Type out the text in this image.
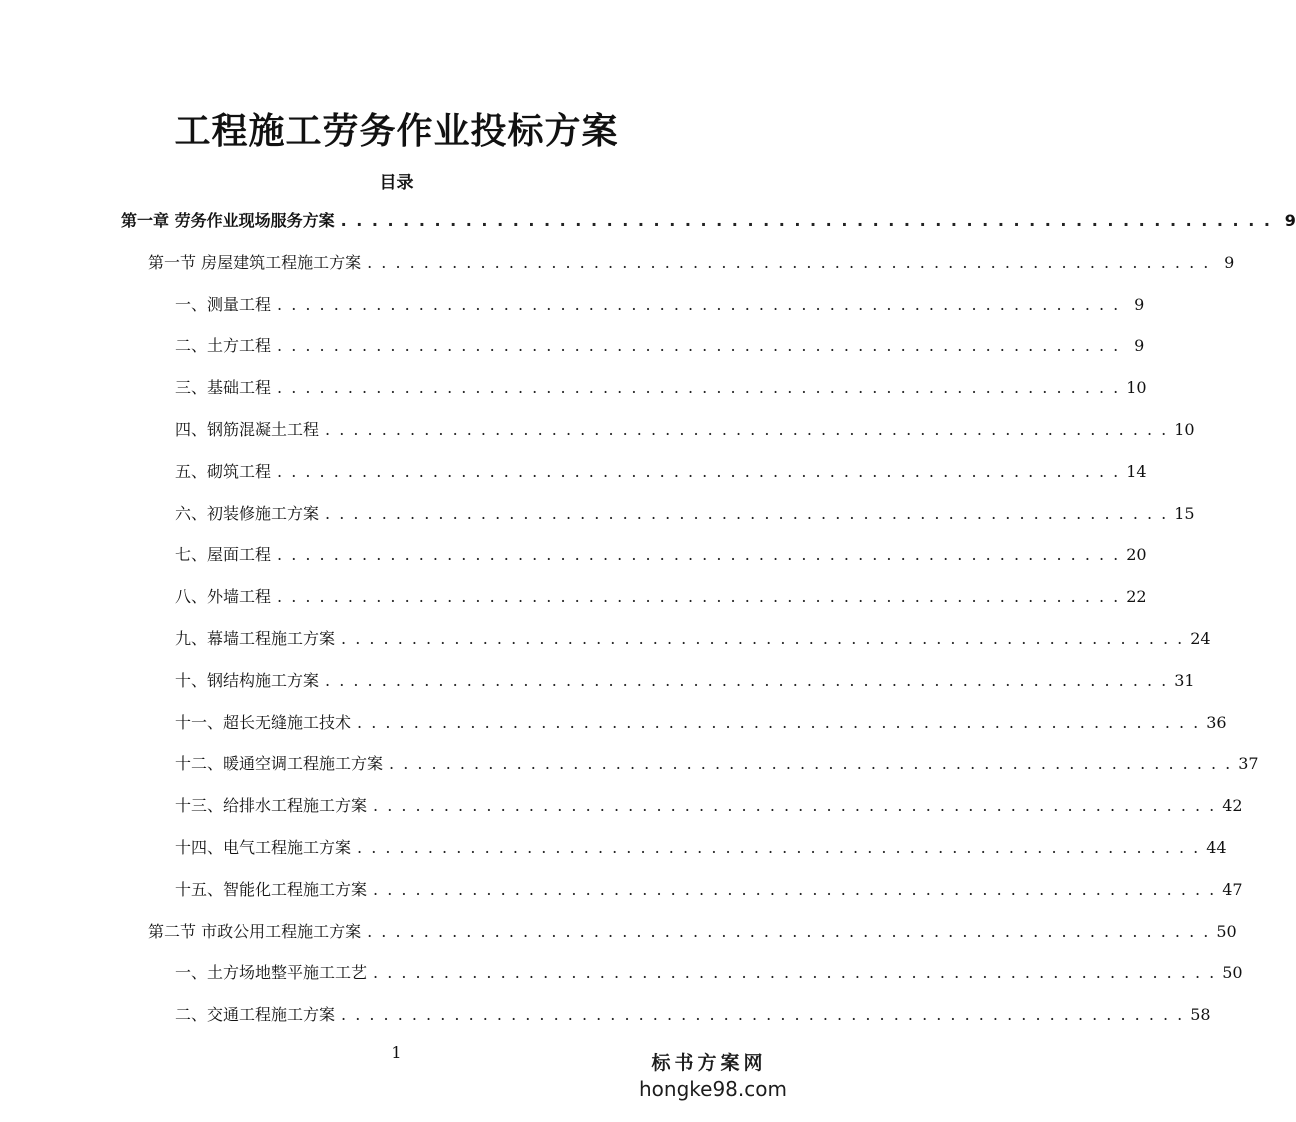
工程施工劳务作业投标方案
目录
第一章 劳务作业现场服务方案 . . . . . . . . . . . . . . . . . . . . . . . . . . . . . . . . . . . . . . . . . . . . . . . . . . . . . . . . . . . . 9
第一节 房屋建筑工程施工方案 . . . . . . . . . . . . . . . . . . . . . . . . . . . . . . . . . . . . . . . . . . . . . . . . . . . . . . . . . . . . 9
一、测量工程 . . . . . . . . . . . . . . . . . . . . . . . . . . . . . . . . . . . . . . . . . . . . . . . . . . . . . . . . . . . . 9
二、土方工程 . . . . . . . . . . . . . . . . . . . . . . . . . . . . . . . . . . . . . . . . . . . . . . . . . . . . . . . . . . . . 9
三、基础工程 . . . . . . . . . . . . . . . . . . . . . . . . . . . . . . . . . . . . . . . . . . . . . . . . . . . . . . . . . . . . 10
四、钢筋混凝土工程 . . . . . . . . . . . . . . . . . . . . . . . . . . . . . . . . . . . . . . . . . . . . . . . . . . . . . . . . . . . . 10
五、砌筑工程 . . . . . . . . . . . . . . . . . . . . . . . . . . . . . . . . . . . . . . . . . . . . . . . . . . . . . . . . . . . . 14
六、初装修施工方案 . . . . . . . . . . . . . . . . . . . . . . . . . . . . . . . . . . . . . . . . . . . . . . . . . . . . . . . . . . . . 15
七、屋面工程 . . . . . . . . . . . . . . . . . . . . . . . . . . . . . . . . . . . . . . . . . . . . . . . . . . . . . . . . . . . . 20
八、外墙工程 . . . . . . . . . . . . . . . . . . . . . . . . . . . . . . . . . . . . . . . . . . . . . . . . . . . . . . . . . . . . 22
九、幕墙工程施工方案 . . . . . . . . . . . . . . . . . . . . . . . . . . . . . . . . . . . . . . . . . . . . . . . . . . . . . . . . . . . . 24
十、钢结构施工方案 . . . . . . . . . . . . . . . . . . . . . . . . . . . . . . . . . . . . . . . . . . . . . . . . . . . . . . . . . . . . 31
十一、超长无缝施工技术 . . . . . . . . . . . . . . . . . . . . . . . . . . . . . . . . . . . . . . . . . . . . . . . . . . . . . . . . . . . . 36
十二、暖通空调工程施工方案 . . . . . . . . . . . . . . . . . . . . . . . . . . . . . . . . . . . . . . . . . . . . . . . . . . . . . . . . . . . . 37
十三、给排水工程施工方案 . . . . . . . . . . . . . . . . . . . . . . . . . . . . . . . . . . . . . . . . . . . . . . . . . . . . . . . . . . . . 42
十四、电气工程施工方案 . . . . . . . . . . . . . . . . . . . . . . . . . . . . . . . . . . . . . . . . . . . . . . . . . . . . . . . . . . . . 44
十五、智能化工程施工方案 . . . . . . . . . . . . . . . . . . . . . . . . . . . . . . . . . . . . . . . . . . . . . . . . . . . . . . . . . . . . 47
第二节 市政公用工程施工方案 . . . . . . . . . . . . . . . . . . . . . . . . . . . . . . . . . . . . . . . . . . . . . . . . . . . . . . . . . . . . 50
一、土方场地整平施工工艺 . . . . . . . . . . . . . . . . . . . . . . . . . . . . . . . . . . . . . . . . . . . . . . . . . . . . . . . . . . . . 50
二、交通工程施工方案 . . . . . . . . . . . . . . . . . . . . . . . . . . . . . . . . . . . . . . . . . . . . . . . . . . . . . . . . . . . . 58
1	标书方案网
hongke98.com
